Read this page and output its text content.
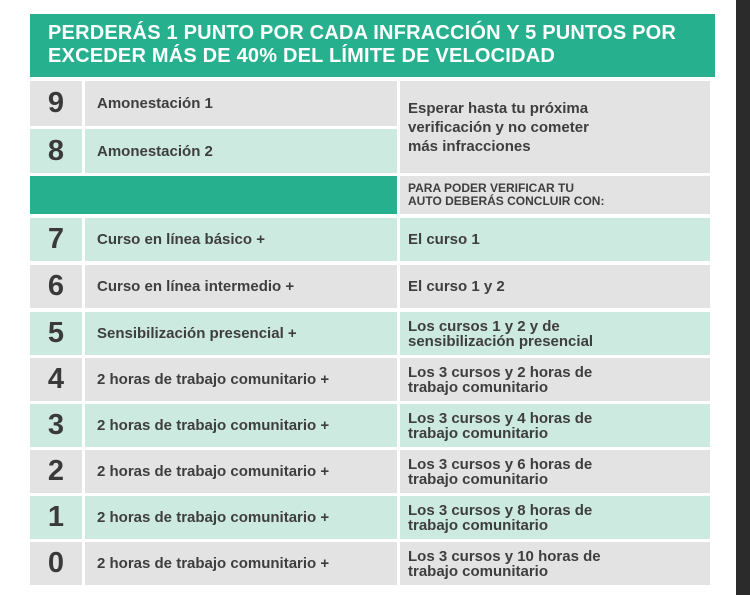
PERDERÁS 1 PUNTO POR CADA INFRACCIÓN Y 5 PUNTOS POR
EXCEDER MÁS DE 40% DEL LÍMITE DE VELOCIDAD
9 Amonestación 1
8 Amonestación 2
Esperar hasta tu próxima
verificación y no cometer
más infracciones
PARA PODER VERIFICAR TU
AUTO DEBERÁS CONCLUIR CON:
7 Curso en línea básico +	El curso 1
6 Curso en línea intermedio +	El curso 1 y 2
5 Sensibilización presencial +	Los cursos 1 y 2 y de
sensibilización presencial
4 2 horas de trabajo comunitario +	Los 3 cursos y 2 horas de
trabajo comunitario
3 2 horas de trabajo comunitario +	Los 3 cursos y 4 horas de
trabajo comunitario
2 2 horas de trabajo comunitario +	Los 3 cursos y 6 horas de
trabajo comunitario
1 2 horas de trabajo comunitario +	Los 3 cursos y 8 horas de
trabajo comunitario
0 2 horas de trabajo comunitario +	Los 3 cursos y 10 horas de
trabajo comunitario
